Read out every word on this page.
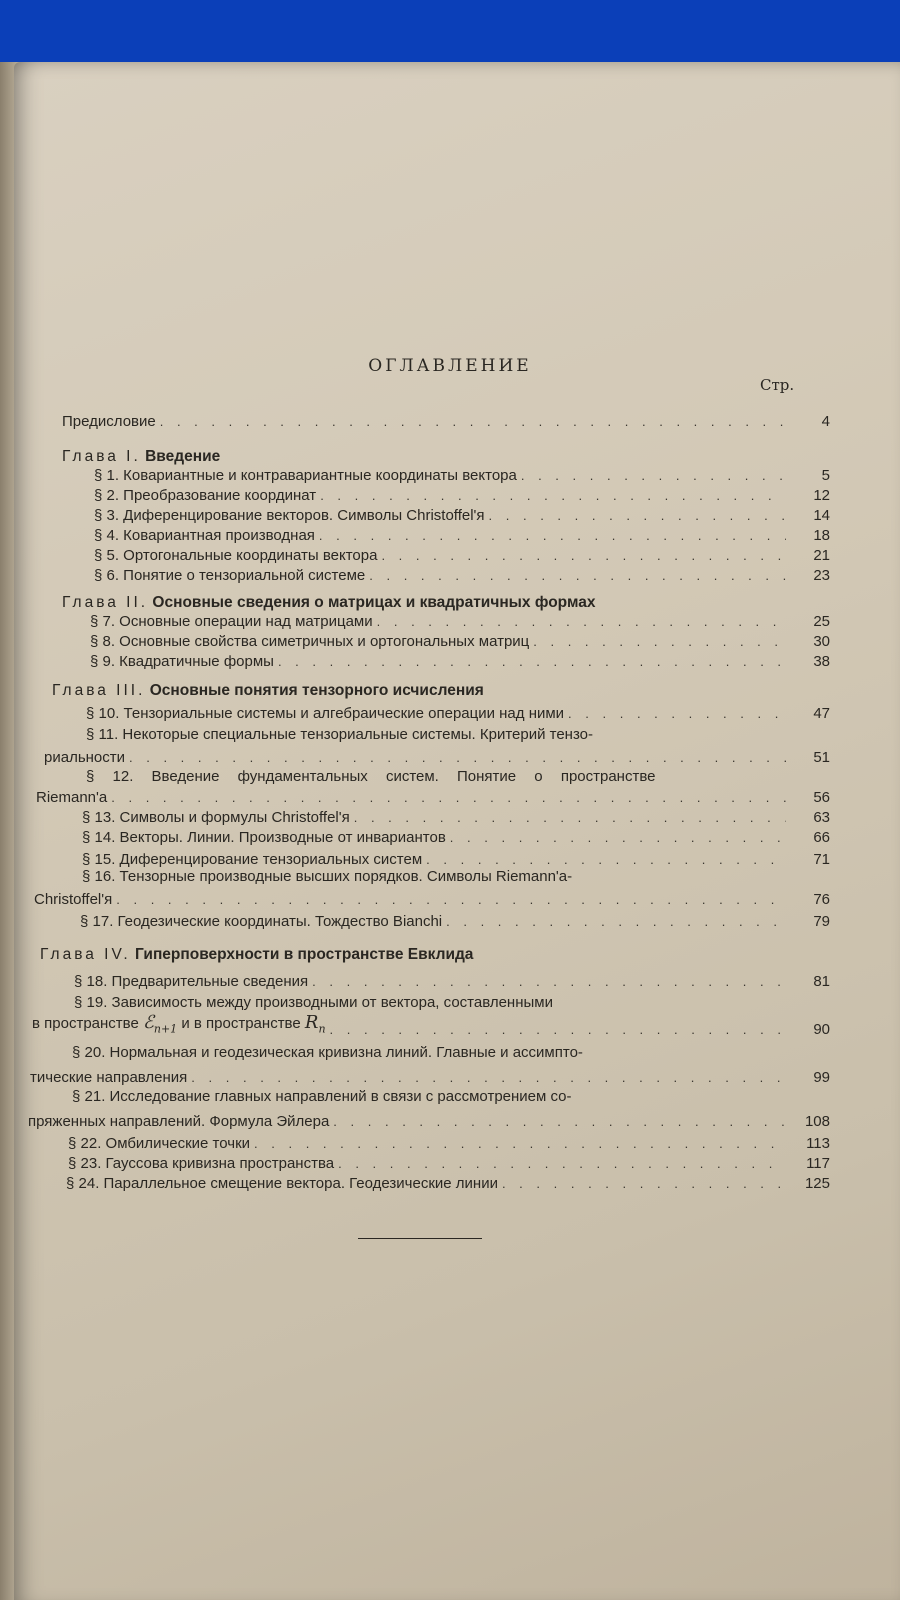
ОГЛАВЛЕНИЕ
Стр.
Предисловие . . .	4
Глава I. Введение
§ 1. Ковариантные и контравариантные координаты вектора . . .	5
§ 2. Преобразование координат . . .	12
§ 3. Диференцирование векторов. Символы Christoffel'я . . .	14
§ 4. Ковариантная производная . . .	18
§ 5. Ортогональные координаты вектора . . .	21
§ 6. Понятие о тензориальной системе . . .	23
Глава II. Основные сведения о матрицах и квадратичных формах
§ 7. Основные операции над матрицами . . .	25
§ 8. Основные свойства симетричных и ортогональных матриц . . .	30
§ 9. Квадратичные формы . . .	38
Глава III. Основные понятия тензорного исчисления
§ 10. Тензориальные системы и алгебраические операции над ними . . .	47
§ 11. Некоторые специальные тензориальные системы. Критерий тензо-
риальности . . .	51
§ 12. Введение фундаментальных систем. Понятие о пространстве
Riemann'a . . .	56
§ 13. Символы и формулы Christoffel'я . . .	63
§ 14. Векторы. Линии. Производные от инвариантов . . .	66
§ 15. Диференцирование тензориальных систем . . .	71
§ 16. Тензорные производные высших порядков. Символы Riemann'a-
Christoffel'я . . .	76
§ 17. Геодезические координаты. Тождество Bianchi . . .	79
Глава IV. Гиперповерхности в пространстве Евклида
§ 18. Предварительные сведения . . .	81
§ 19. Зависимость между производными от вектора, составленными
в пространстве ℰ$_{n+1}$ и в пространстве $R_n$ . . .	90
§ 20. Нормальная и геодезическая кривизна линий. Главные и ассимпто-
тические направления . . .	99
§ 21. Исследование главных направлений в связи с рассмотрением со-
пряженных направлений. Формула Эйлера . . .	108
§ 22. Омбилические точки . . .	113
§ 23. Гауссова кривизна пространства . . .	117
§ 24. Параллельное смещение вектора. Геодезические линии . . .	125
